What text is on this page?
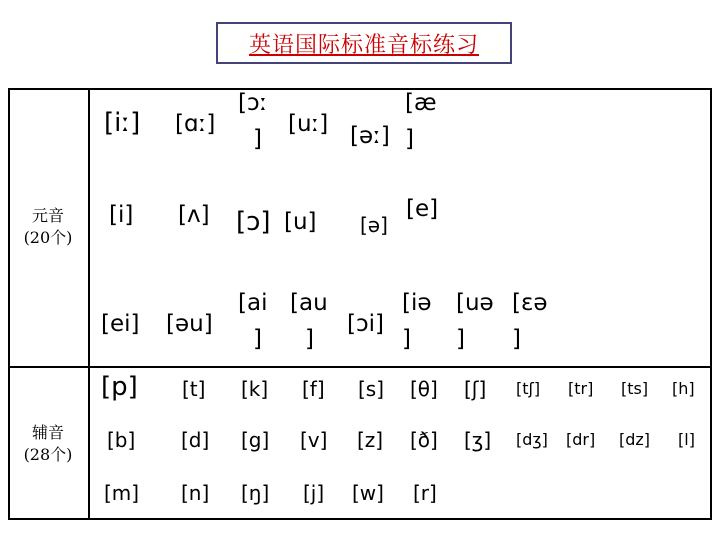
英语国际标准音标练习
元音
(20个)
辅音
(28个)
[iː] [ɑː]
[ɔː
]
[uː] [əː]
[æ
]
[i] [ʌ] [ɔ] [u] [ə]
[e]
[ei] [əu]
[ai
]
[au
]
[ɔi]
[iə
]
[uə
]
[ɛə
]
[p] [t] [k] [f] [s] [θ] [ʃ] [tʃ] [tr] [ts] [h]
[b] [d] [g] [v] [z] [ð] [ʒ] [dʒ] [dr] [dz] [l]
[m] [n] [ŋ] [j] [w] [r]
